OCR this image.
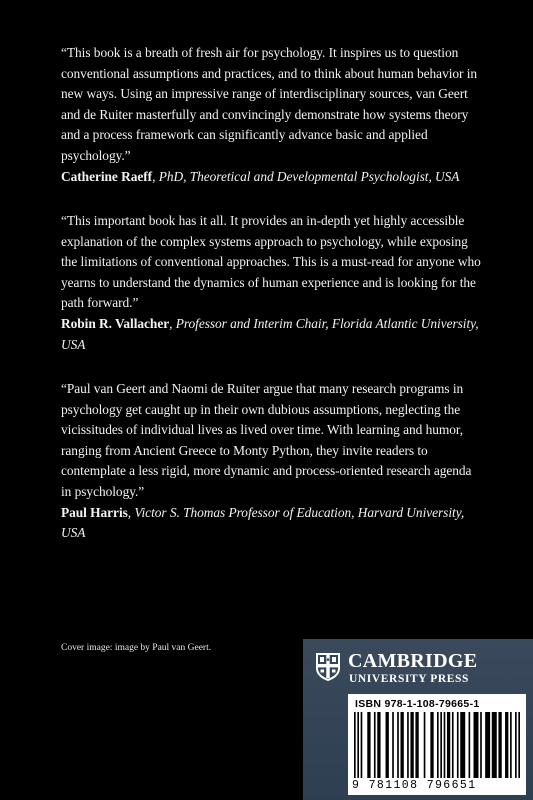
“This book is a breath of fresh air for psychology. It inspires us to question conventional assumptions and practices, and to think about human behavior in new ways. Using an impressive range of interdisciplinary sources, van Geert and de Ruiter masterfully and convincingly demonstrate how systems theory and a process framework can significantly advance basic and applied psychology.”

Catherine Raeff, PhD, Theoretical and Developmental Psychologist, USA

“This important book has it all. It provides an in-depth yet highly accessible explanation of the complex systems approach to psychology, while exposing the limitations of conventional approaches. This is a must-read for anyone who yearns to understand the dynamics of human experience and is looking for the path forward.”

Robin R. Vallacher, Professor and Interim Chair, Florida Atlantic University, USA

“Paul van Geert and Naomi de Ruiter argue that many research programs in psychology get caught up in their own dubious assumptions, neglecting the vicissitudes of individual lives as lived over time. With learning and humor, ranging from Ancient Greece to Monty Python, they invite readers to contemplate a less rigid, more dynamic and process-oriented research agenda in psychology.”

Paul Harris, Victor S. Thomas Professor of Education, Harvard University, USA

Cover image: image by Paul van Geert.
CAMBRIDGE
UNIVERSITY PRESS
ISBN 978-1-108-79665-1
9 781108 796651
